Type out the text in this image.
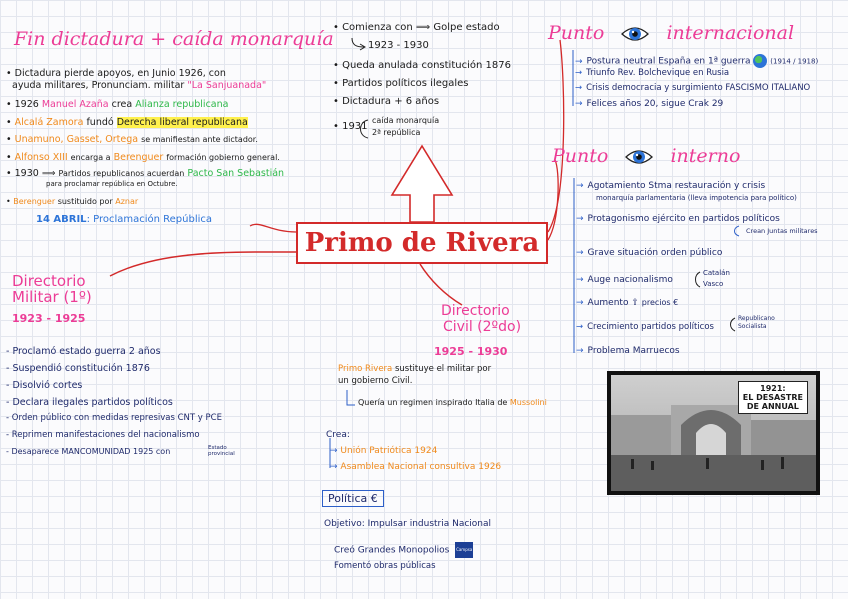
Fin dictadura + caída monarquía
• Dictadura pierde apoyos, en Junio 1926, con
ayuda militares, Pronunciam. militar "La Sanjuanada"
• 1926 Manuel Azaña crea Alianza republicana
• Alcalá Zamora fundó Derecha liberal republicana
• Unamuno, Gasset, Ortega se manifiestan ante dictador.
• Alfonso XIII encarga a Berenguer formación gobierno general.
• 1930 ⟹ Partidos republicanos acuerdan Pacto San Sebastián
para proclamar república en Octubre.
• Berenguer sustituido por Aznar
14 ABRIL: Proclamación República
• Comienza con ⟹ Golpe estado
1923 - 1930
• Queda anulada constitución 1876
• Partidos políticos ilegales
• Dictadura + 6 años
• 1931
caída monarquía
2ª república
Primo de Rivera
Punto	internacional
→ Postura neutral España en 1ª guerra	(1914 / 1918)
→ Triunfo Rev. Bolchevique en Rusia
→ Crisis democracia y surgimiento FASCISMO ITALIANO
→ Felices años 20, sigue Crak 29
Punto	interno
→ Agotamiento Stma restauración y crisis
monarquía parlamentaria (lleva impotencia para político)
→ Protagonismo ejército en partidos políticos
Crean Juntas militares
→ Grave situación orden público
→ Auge nacionalismo
Catalán
Vasco
→ Aumento ⇧ precios €
→ Crecimiento partidos políticos
Republicano
Socialista
→ Problema Marruecos
Directorio
Militar (1º)
1923 - 1925
- Proclamó estado guerra 2 años
- Suspendió constitución 1876
- Disolvió cortes
- Declara ilegales partidos políticos
- Orden público con medidas represivas CNT y PCE
- Reprimen manifestaciones del nacionalismo
- Desaparece MANCOMUNIDAD 1925 con	Estado provincial
Directorio
Civil (2ºdo)
1925 - 1930
Primo Rivera sustituye el militar por
un gobierno Civil.
Quería un regimen inspirado Italia de Mussolini
Crea:
→ Unión Patriótica 1924
→ Asamblea Nacional consultiva 1926
Política €
Objetivo: Impulsar industria Nacional
Creó Grandes Monopolios Campsa
Fomentó obras públicas
1921:
EL DESASTRE
DE ANNUAL
